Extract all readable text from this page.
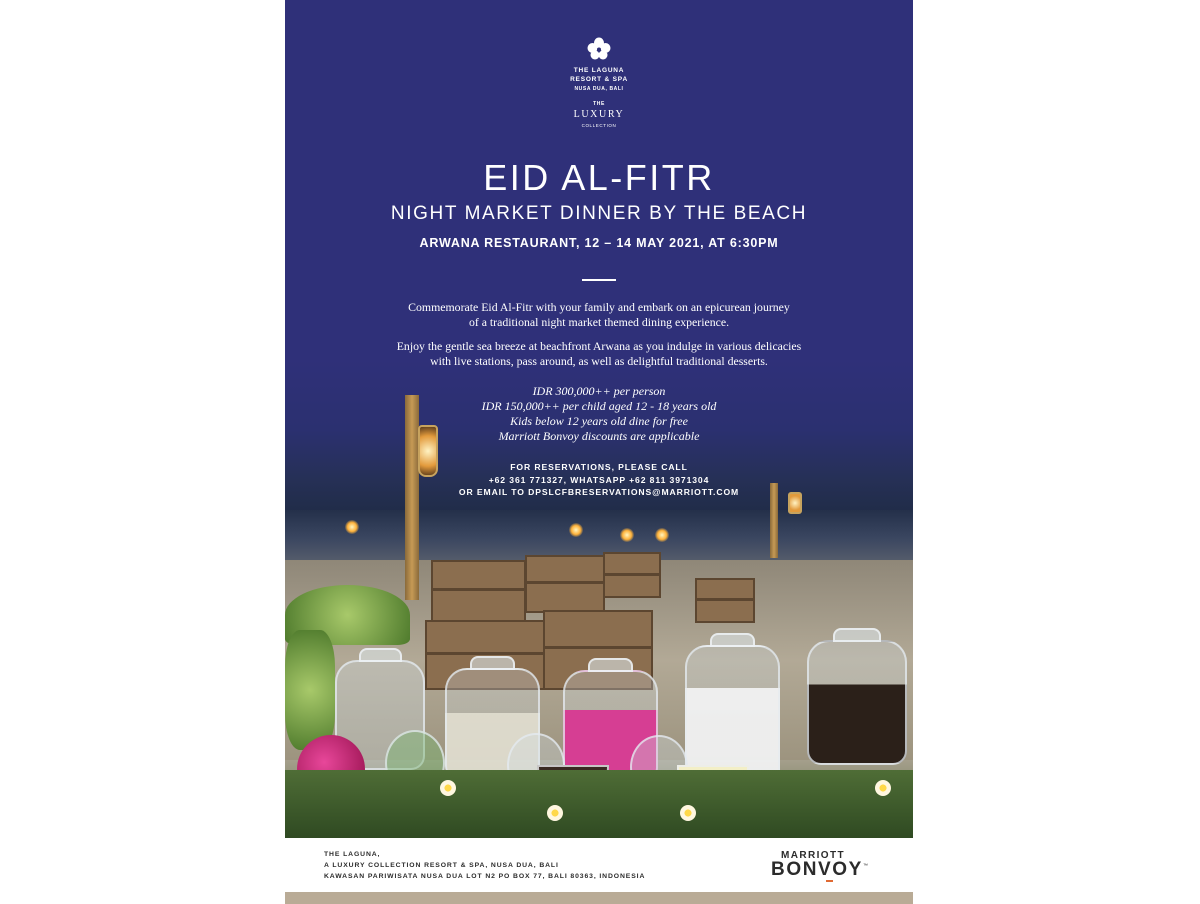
THE LAGUNA
RESORT & SPA
NUSA DUA, BALI
THE
LUXURY
COLLECTION
EID AL-FITR
NIGHT MARKET DINNER BY THE BEACH
ARWANA RESTAURANT, 12 – 14 MAY 2021, AT 6:30PM
Commemorate Eid Al-Fitr with your family and embark on an epicurean journey
of a traditional night market themed dining experience.
Enjoy the gentle sea breeze at beachfront Arwana as you indulge in various delicacies
with live stations, pass around, as well as delightful traditional desserts.
IDR 300,000++ per person
IDR 150,000++ per child aged 12 - 18 years old
Kids below 12 years old dine for free
Marriott Bonvoy discounts are applicable
FOR RESERVATIONS, PLEASE CALL
+62 361 771327, WHATSAPP +62 811 3971304
OR EMAIL TO DPSLCFBRESERVATIONS@MARRIOTT.COM
THE LAGUNA,
A LUXURY COLLECTION RESORT & SPA, NUSA DUA, BALI
KAWASAN PARIWISATA NUSA DUA LOT N2 PO BOX 77, BALI 80363, INDONESIA
MARRIOTT
BONVOY ™
